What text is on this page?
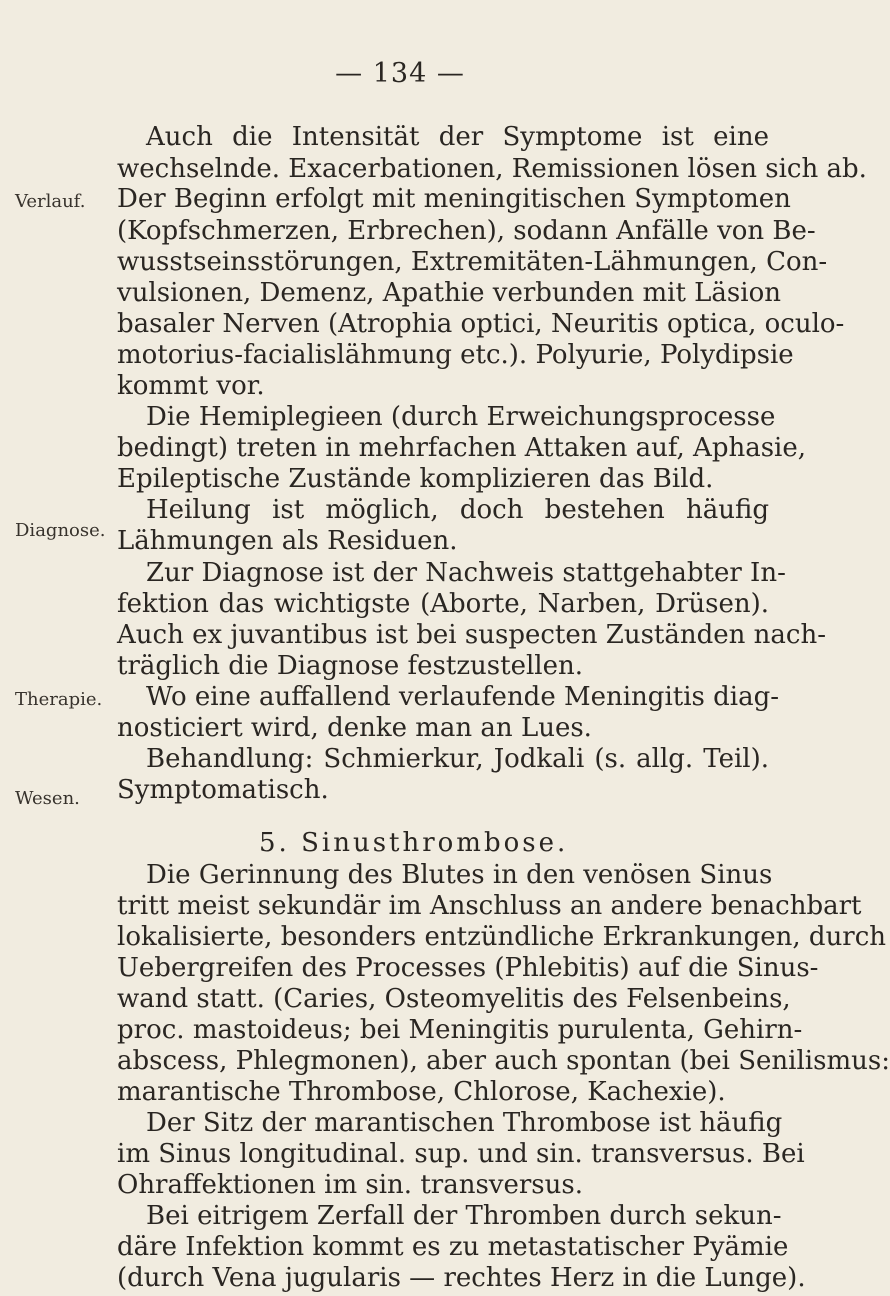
— 134 —
Verlauf.
Diagnose.
Therapie.
Wesen.
Auch die Intensität der Symptome ist eine
wechselnde. Exacerbationen, Remissionen lösen sich ab.
Der Beginn erfolgt mit meningitischen Symptomen
(Kopfschmerzen, Erbrechen), sodann Anfälle von Be-
wusstseinsstörungen, Extremitäten-Lähmungen, Con-
vulsionen, Demenz, Apathie verbunden mit Läsion
basaler Nerven (Atrophia optici, Neuritis optica, oculo-
motorius-facialislähmung etc.). Polyurie, Polydipsie
kommt vor.
Die Hemiplegieen (durch Erweichungsprocesse
bedingt) treten in mehrfachen Attaken auf, Aphasie,
Epileptische Zustände komplizieren das Bild.
Heilung ist möglich, doch bestehen häufig
Lähmungen als Residuen.
Zur Diagnose ist der Nachweis stattgehabter In-
fektion das wichtigste (Aborte, Narben, Drüsen).
Auch ex juvantibus ist bei suspecten Zuständen nach-
träglich die Diagnose festzustellen.
Wo eine auffallend verlaufende Meningitis diag-
nosticiert wird, denke man an Lues.
Behandlung: Schmierkur, Jodkali (s. allg. Teil).
Symptomatisch.
5. Sinusthrombose.
Die Gerinnung des Blutes in den venösen Sinus
tritt meist sekundär im Anschluss an andere benachbart
lokalisierte, besonders entzündliche Erkrankungen, durch
Uebergreifen des Processes (Phlebitis) auf die Sinus-
wand statt. (Caries, Osteomyelitis des Felsenbeins,
proc. mastoideus; bei Meningitis purulenta, Gehirn-
abscess, Phlegmonen), aber auch spontan (bei Senilismus:
marantische Thrombose, Chlorose, Kachexie).
Der Sitz der marantischen Thrombose ist häufig
im Sinus longitudinal. sup. und sin. transversus. Bei
Ohraffektionen im sin. transversus.
Bei eitrigem Zerfall der Thromben durch sekun-
däre Infektion kommt es zu metastatischer Pyämie
(durch Vena jugularis — rechtes Herz in die Lunge).
